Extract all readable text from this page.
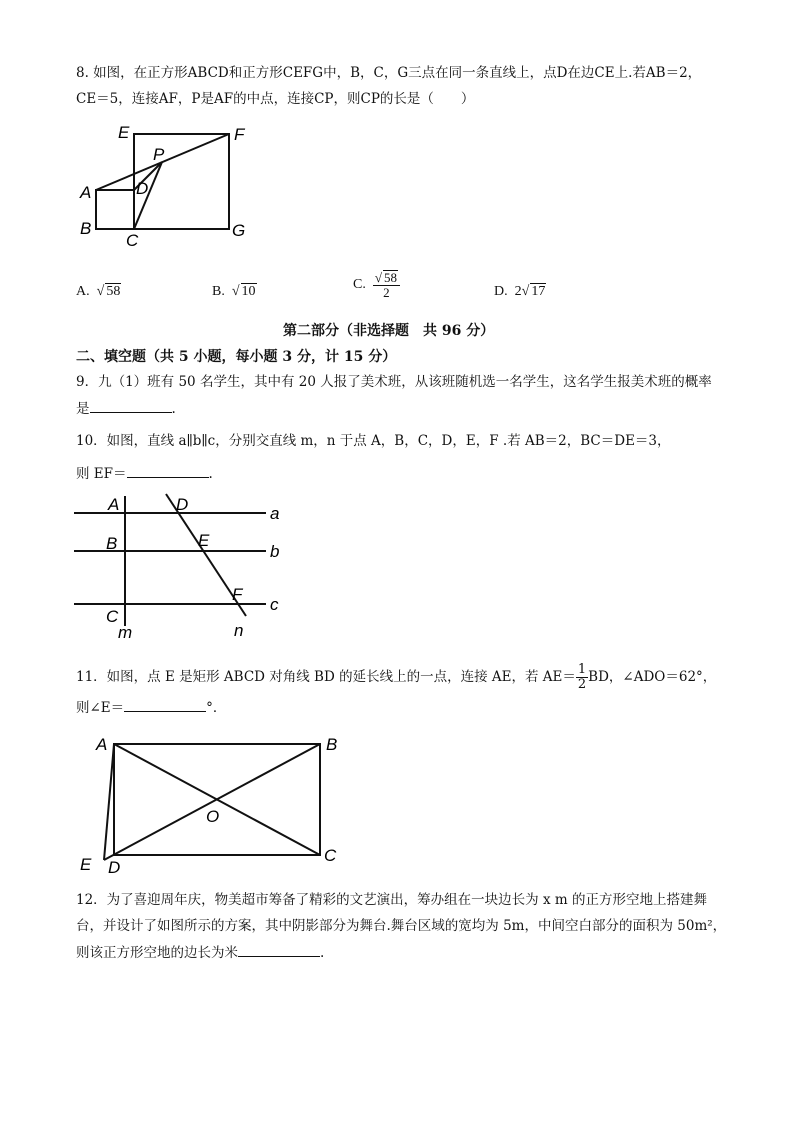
8. 如图，在正方形ABCD和正方形CEFG中，B，C，G三点在同一条直线上，点D在边CE上.若AB＝2，
CE＝5，连接AF，P是AF的中点，连接CP，则CP的长是（　　）
E	F
P
A	D
B
C
G
A.  √ 58	B.  √ 10	C. $\frac{√ 58}{2}$	D. 2√ 17
第二部分（非选择题　共 96 分）
二、填空题（共 5 小题，每小题 3 分，计 15 分）
9．九（1）班有 50 名学生，其中有 20 人报了美术班，从该班随机选一名学生，这名学生报美术班的概率
是	.
10．如图，直线 a∥b∥c，分别交直线 m，n 于点 A，B，C，D，E，F .若 AB＝2，BC＝DE＝3，
则 EF＝	.
A	D	a
B	E
b
F
C
c
m	n
11．如图，点 E 是矩形 ABCD 对角线 BD 的延长线上的一点，连接 AE，若 $AE= \frac{1}{2}$ BD，∠ADO＝62°，
则∠E＝	°．
A	B
O
E D
C
12．为了喜迎周年庆，物美超市筹备了精彩的文艺演出，筹办组在一块边长为 x m 的正方形空地上搭建舞
台，并设计了如图所示的方案，其中阴影部分为舞台.舞台区域的宽均为 5m，中间空白部分的面积为 50m²，
则该正方形空地的边长为米	.
